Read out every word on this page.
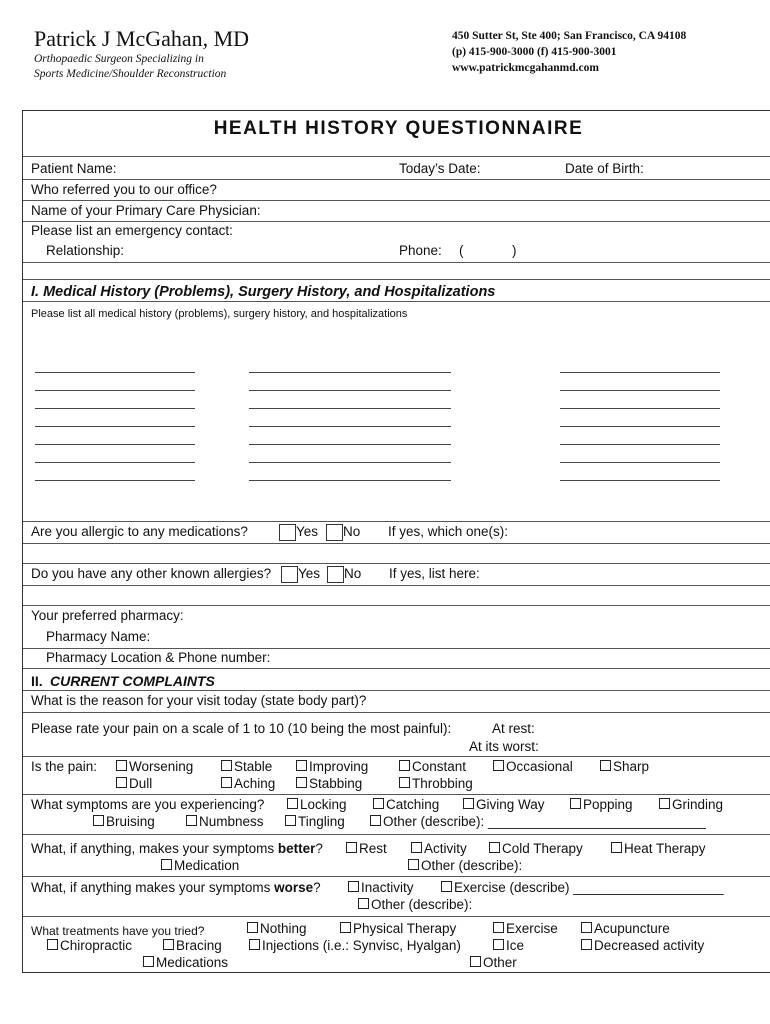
Patrick J McGahan, MD
Orthopaedic Surgeon Specializing in
Sports Medicine/Shoulder Reconstruction
450 Sutter St, Ste 400; San Francisco, CA 94108
(p) 415-900-3000 (f) 415-900-3001
www.patrickmcgahanmd.com
HEALTH HISTORY QUESTIONNAIRE
Patient Name:	Today’s Date:	Date of Birth:
Who referred you to our office?
Name of your Primary Care Physician:
Please list an emergency contact:
Relationship:	Phone: (	)
I. Medical History (Problems), Surgery History, and Hospitalizations
Please list all medical history (problems), surgery history, and hospitalizations
Are you allergic to any medications?	Yes No If yes, which one(s):
Do you have any other known allergies? Yes No If yes, list here:
Your preferred pharmacy:
Pharmacy Name:
Pharmacy Location & Phone number:
II. CURRENT COMPLAINTS
What is the reason for your visit today (state body part)?
Please rate your pain on a scale of 1 to 10 (10 being the most painful):	At rest:
At its worst:
Is the pain:	Worsening	Stable	Improving	Constant	Occasional	Sharp
Dull	Aching	Stabbing	Throbbing
What symptoms are you experiencing?	Locking	Catching	Giving Way	Popping	Grinding
Bruising	Numbness	Tingling	Other (describe): _____________________________
What, if anything, makes your symptoms better?	Rest	Activity	Cold Therapy	Heat Therapy
Medication	Other (describe):
What, if anything makes your symptoms worse?	Inactivity	Exercise (describe) ____________________
Other (describe):
What treatments have you tried?	Nothing	Physical Therapy	Exercise	Acupuncture
Chiropractic	Bracing	Injections (i.e.: Synvisc, Hyalgan)	Ice	Decreased activity
Medications	Other
